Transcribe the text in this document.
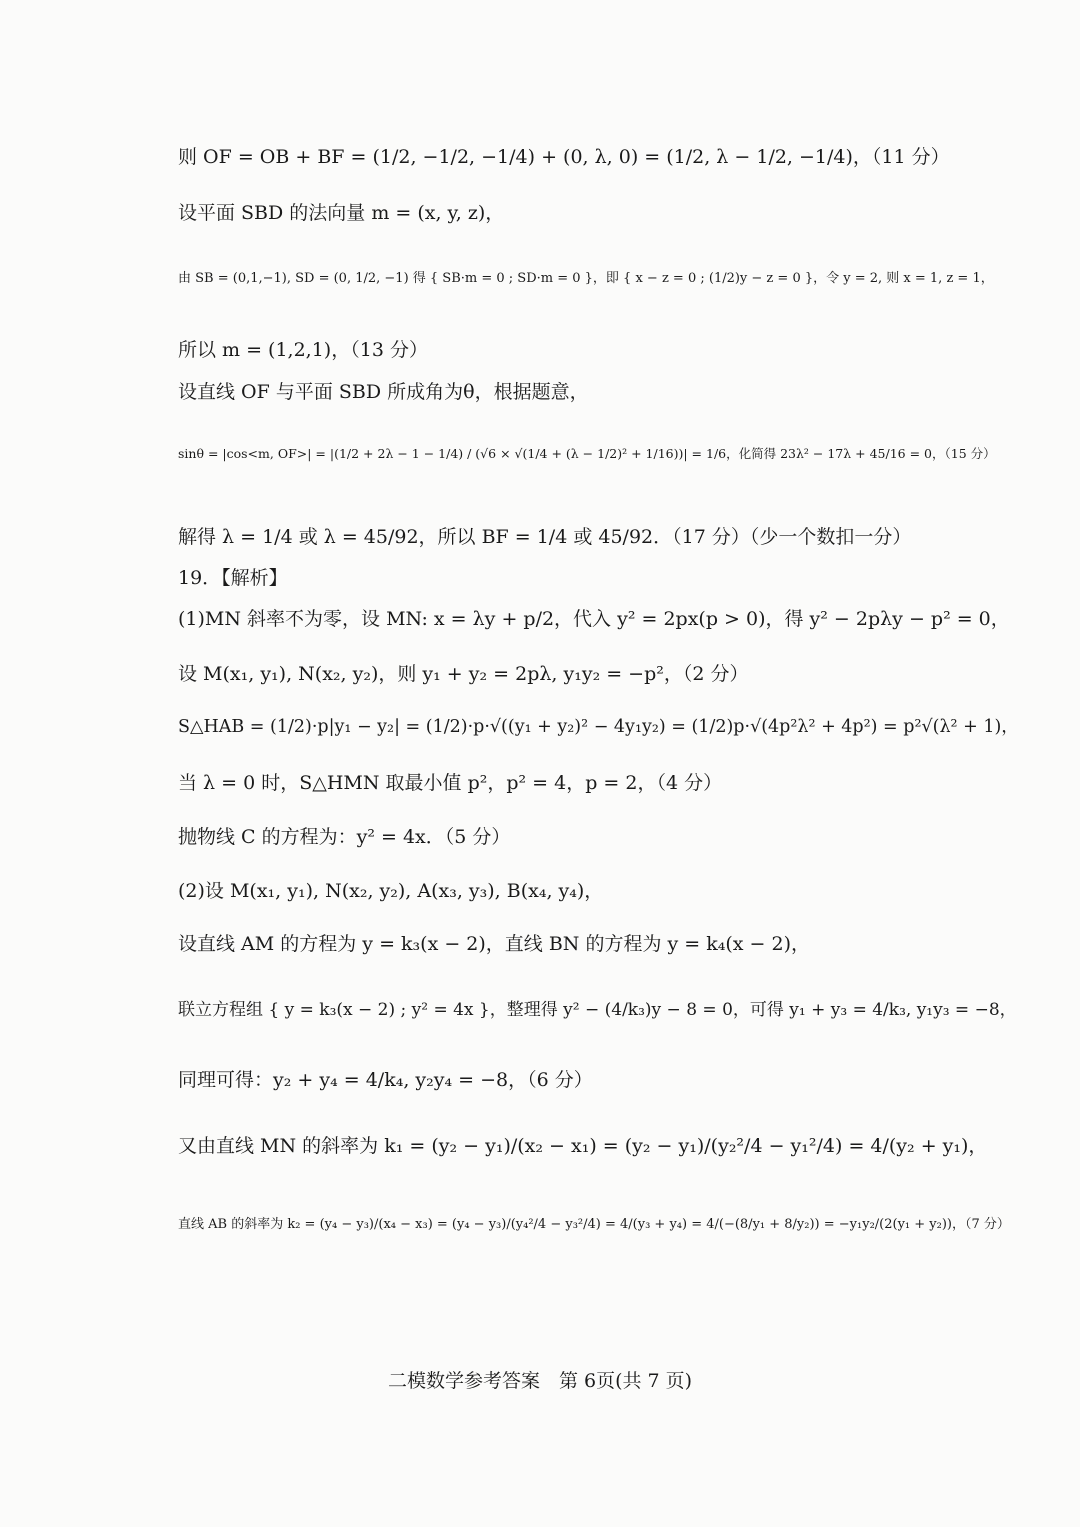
则 OF = OB + BF = (1/2, −1/2, −1/4) + (0, λ, 0) = (1/2, λ − 1/2, −1/4)，（11 分）
设平面 SBD 的法向量 m = (x, y, z)，
由 SB = (0,1,−1), SD = (0, 1/2, −1) 得 { SB·m = 0 ; SD·m = 0 }，即 { x − z = 0 ; (1/2)y − z = 0 }，令 y = 2, 则 x = 1, z = 1，
所以 m = (1,2,1)，（13 分）
设直线 OF 与平面 SBD 所成角为θ，根据题意，
sinθ = |cos<m, OF>| = |(1/2 + 2λ − 1 − 1/4) / (√6 × √(1/4 + (λ − 1/2)² + 1/16))| = 1/6，化简得 23λ² − 17λ + 45/16 = 0，（15 分）
解得 λ = 1/4 或 λ = 45/92，所以 BF = 1/4 或 45/92．（17 分）（少一个数扣一分）
19．【解析】
(1)MN 斜率不为零，设 MN: x = λy + p/2，代入 y² = 2px(p > 0)，得 y² − 2pλy − p² = 0，
设 M(x₁, y₁), N(x₂, y₂)，则 y₁ + y₂ = 2pλ, y₁y₂ = −p²，（2 分）
S△HAB = (1/2)·p|y₁ − y₂| = (1/2)·p·√((y₁ + y₂)² − 4y₁y₂) = (1/2)p·√(4p²λ² + 4p²) = p²√(λ² + 1)，
当 λ = 0 时，S△HMN 取最小值 p²，p² = 4，p = 2，（4 分）
抛物线 C 的方程为：y² = 4x．（5 分）
(2)设 M(x₁, y₁), N(x₂, y₂), A(x₃, y₃), B(x₄, y₄)，
设直线 AM 的方程为 y = k₃(x − 2)，直线 BN 的方程为 y = k₄(x − 2)，
联立方程组 { y = k₃(x − 2) ; y² = 4x }，整理得 y² − (4/k₃)y − 8 = 0，可得 y₁ + y₃ = 4/k₃, y₁y₃ = −8，
同理可得：y₂ + y₄ = 4/k₄, y₂y₄ = −8，（6 分）
又由直线 MN 的斜率为 k₁ = (y₂ − y₁)/(x₂ − x₁) = (y₂ − y₁)/(y₂²/4 − y₁²/4) = 4/(y₂ + y₁)，
直线 AB 的斜率为 k₂ = (y₄ − y₃)/(x₄ − x₃) = (y₄ − y₃)/(y₄²/4 − y₃²/4) = 4/(y₃ + y₄) = 4/(−(8/y₁ + 8/y₂)) = −y₁y₂/(2(y₁ + y₂))，（7 分）
二模数学参考答案　第 6页(共 7 页)
